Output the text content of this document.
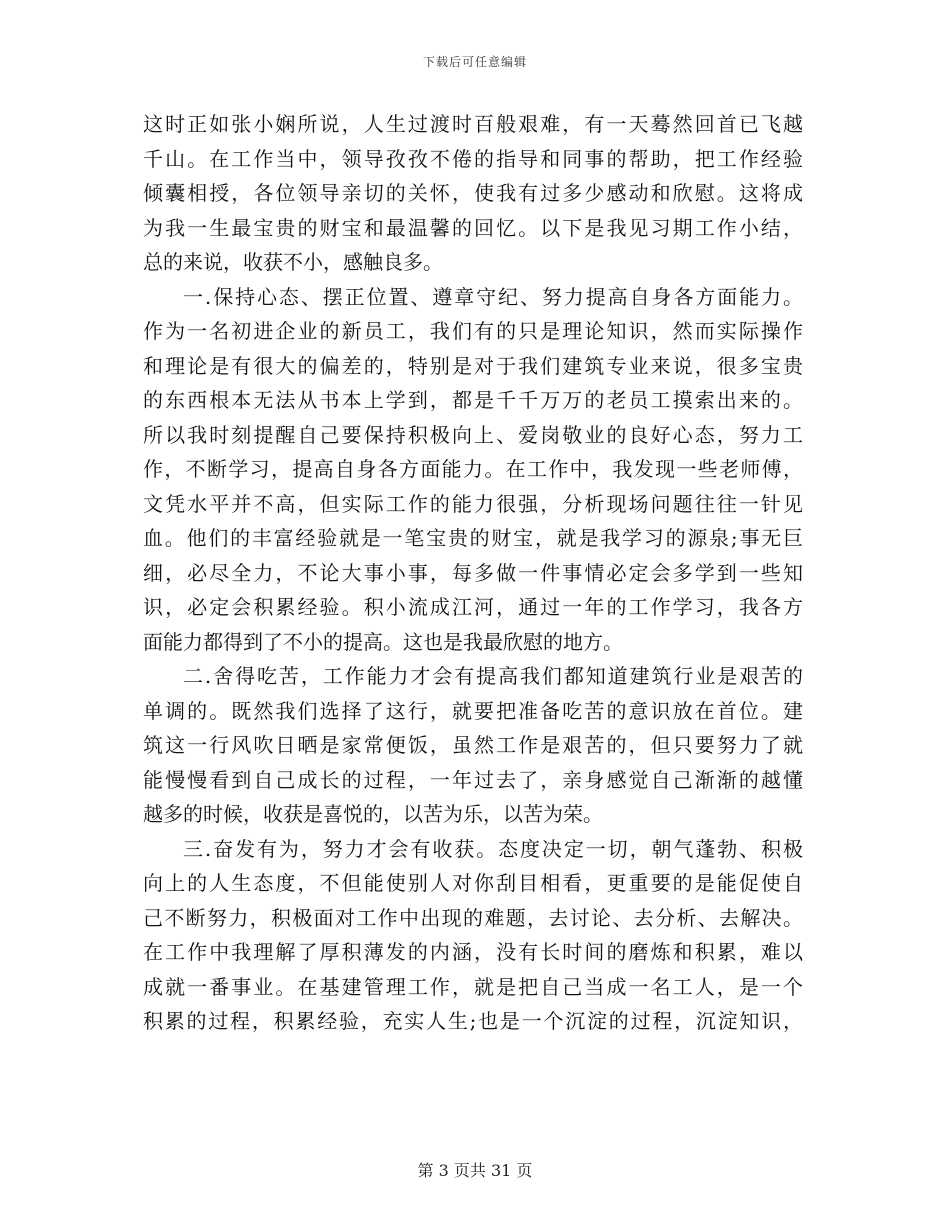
下载后可任意编辑
这时正如张小娴所说，人生过渡时百般艰难，有一天蓦然回首已飞越
千山。在工作当中，领导孜孜不倦的指导和同事的帮助，把工作经验
倾囊相授，各位领导亲切的关怀，使我有过多少感动和欣慰。这将成
为我一生最宝贵的财宝和最温馨的回忆。以下是我见习期工作小结，
总的来说，收获不小，感触良多。
一.保持心态、摆正位置、遵章守纪、努力提高自身各方面能力。
作为一名初进企业的新员工，我们有的只是理论知识，然而实际操作
和理论是有很大的偏差的，特别是对于我们建筑专业来说，很多宝贵
的东西根本无法从书本上学到，都是千千万万的老员工摸索出来的。
所以我时刻提醒自己要保持积极向上、爱岗敬业的良好心态，努力工
作，不断学习，提高自身各方面能力。在工作中，我发现一些老师傅，
文凭水平并不高，但实际工作的能力很强，分析现场问题往往一针见
血。他们的丰富经验就是一笔宝贵的财宝，就是我学习的源泉;事无巨
细，必尽全力，不论大事小事，每多做一件事情必定会多学到一些知
识，必定会积累经验。积小流成江河，通过一年的工作学习，我各方
面能力都得到了不小的提高。这也是我最欣慰的地方。
二.舍得吃苦，工作能力才会有提高我们都知道建筑行业是艰苦的
单调的。既然我们选择了这行，就要把准备吃苦的意识放在首位。建
筑这一行风吹日晒是家常便饭，虽然工作是艰苦的，但只要努力了就
能慢慢看到自己成长的过程，一年过去了，亲身感觉自己渐渐的越懂
越多的时候，收获是喜悦的，以苦为乐，以苦为荣。
三.奋发有为，努力才会有收获。态度决定一切，朝气蓬勃、积极
向上的人生态度，不但能使别人对你刮目相看，更重要的是能促使自
己不断努力，积极面对工作中出现的难题，去讨论、去分析、去解决。
在工作中我理解了厚积薄发的内涵，没有长时间的磨炼和积累，难以
成就一番事业。在基建管理工作，就是把自己当成一名工人，是一个
积累的过程，积累经验，充实人生;也是一个沉淀的过程，沉淀知识，
第 3 页共 31 页
